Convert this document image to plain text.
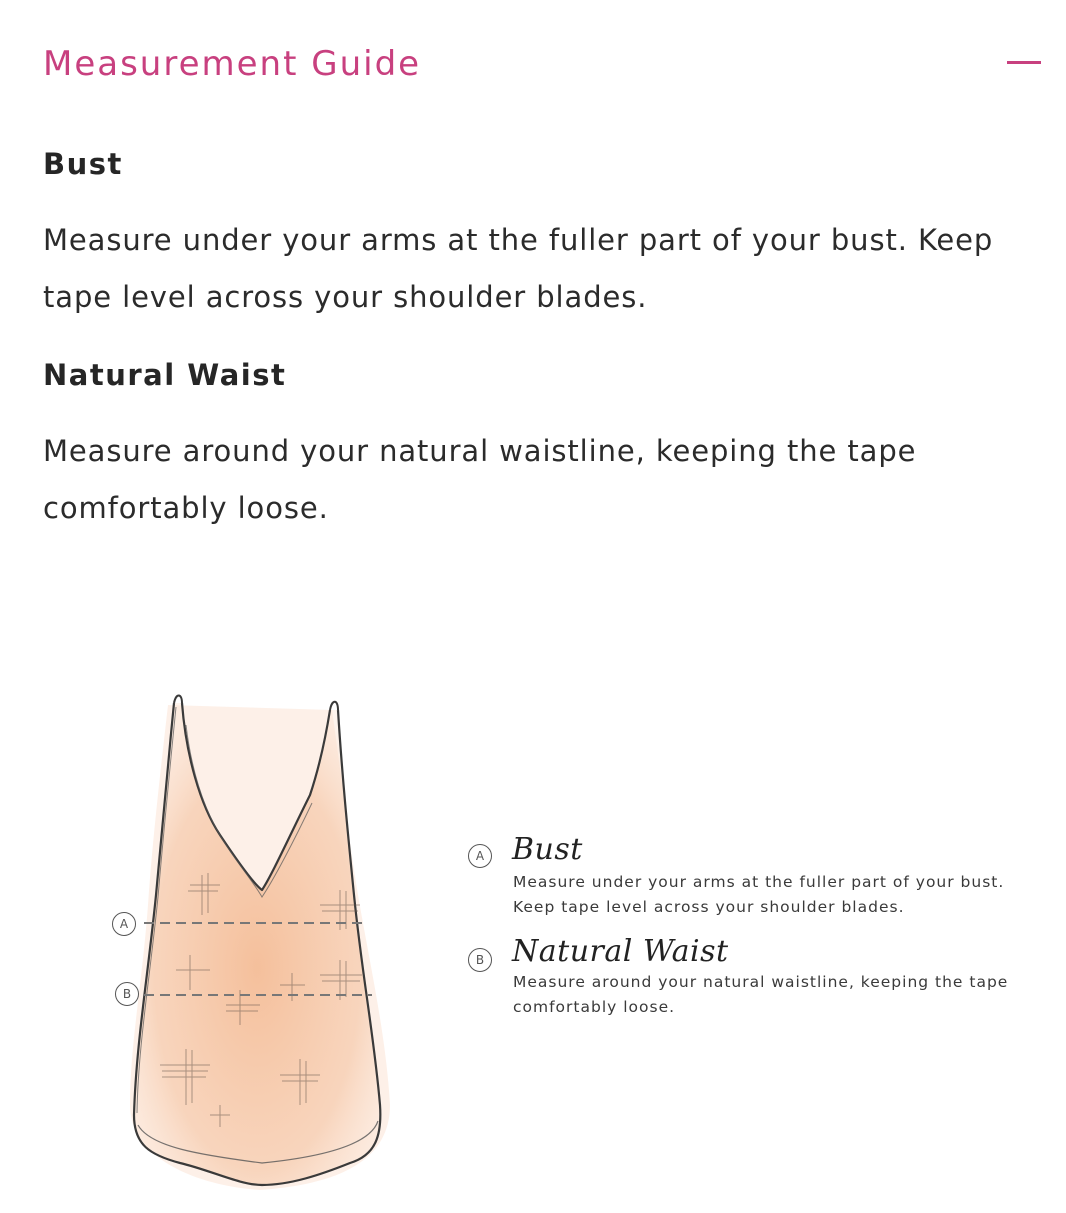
Measurement Guide
Bust

Measure under your arms at the fuller part of your bust. Keep tape level across your shoulder blades.

Natural Waist

Measure around your natural waistline, keeping the tape comfortably loose.

A
B
A Bust

Measure under your arms at the fuller part of your bust. Keep tape level across your shoulder blades.

B Natural Waist

Measure around your natural waistline, keeping the tape comfortably loose.
